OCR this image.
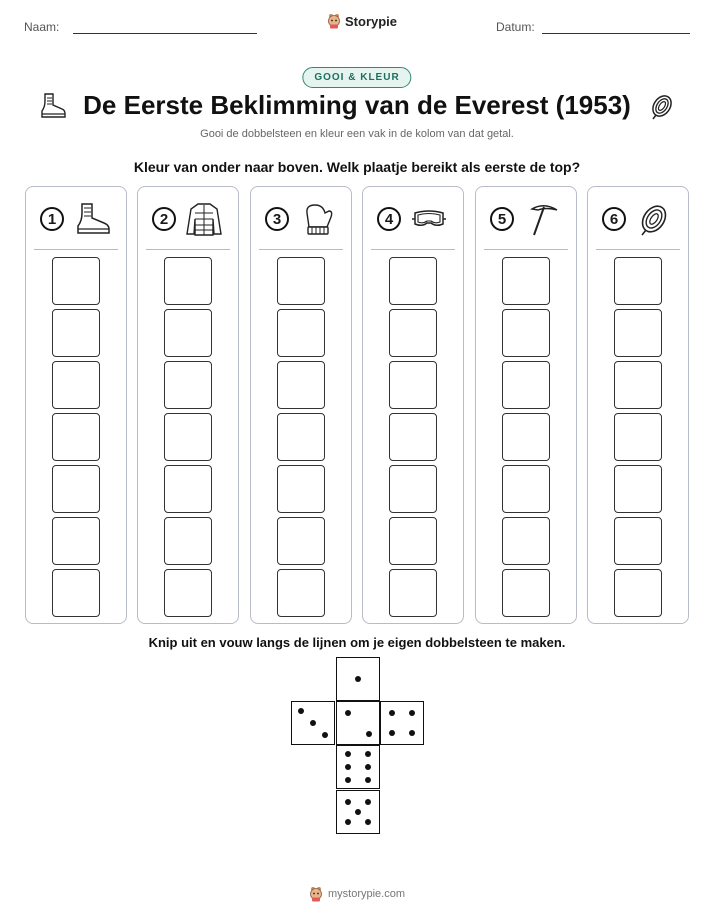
Naam:	Storypie	Datum:
GOOI & KLEUR
De Eerste Beklimming van de Everest (1953)

Gooi de dobbelsteen en kleur een vak in de kolom van dat getal.

Kleur van onder naar boven. Welk plaatje bereikt als eerste de top?

1	2	3	4	5	6

Knip uit en vouw langs de lijnen om je eigen dobbelsteen te maken.

mystorypie.com
